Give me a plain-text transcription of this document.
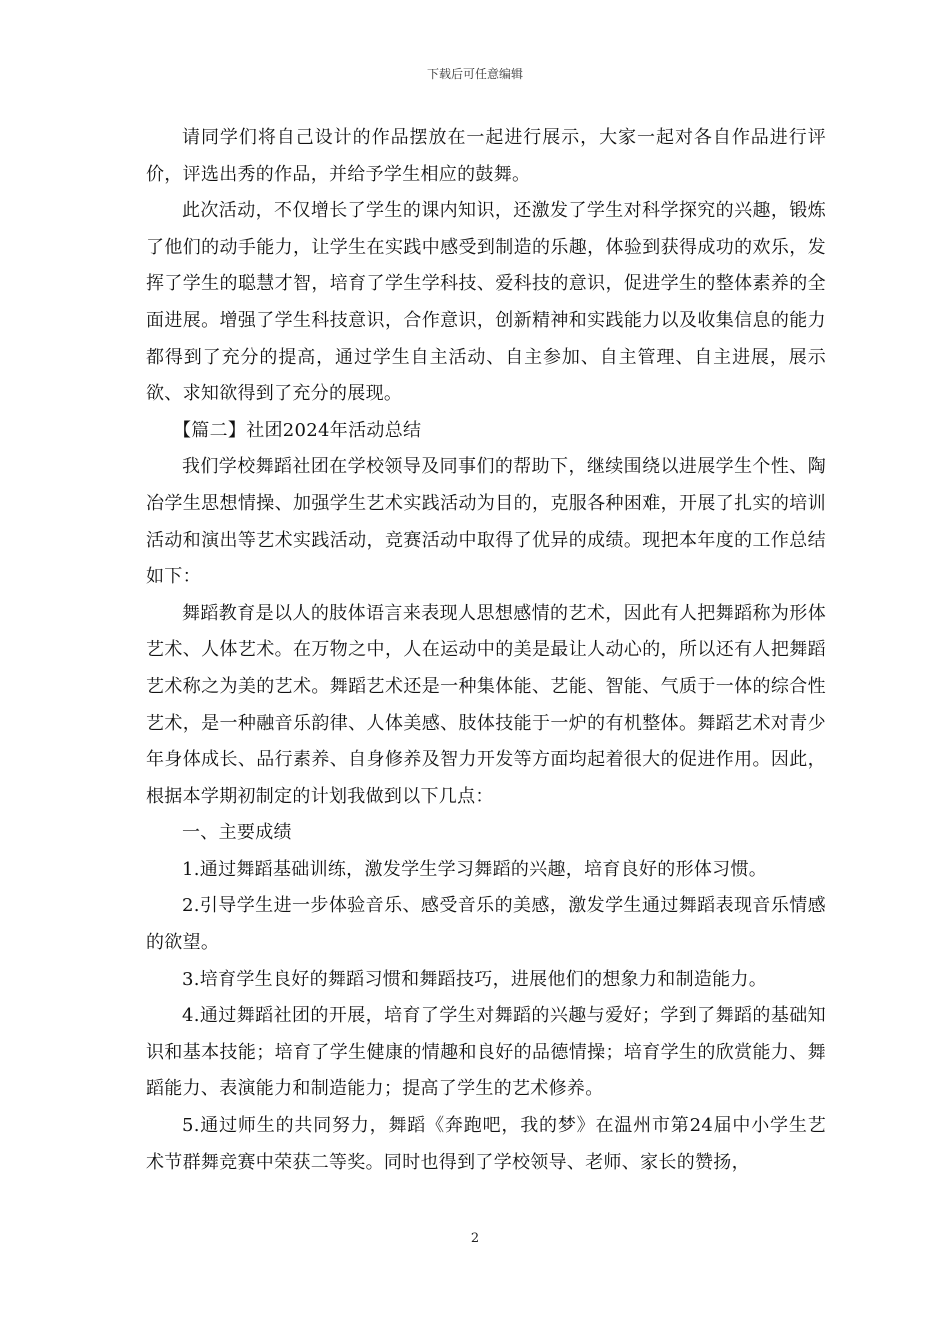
下载后可任意编辑

请同学们将自己设计的作品摆放在一起进行展示，大家一起对各自作品进行评价，评选出秀的作品，并给予学生相应的鼓舞。

此次活动，不仅增长了学生的课内知识，还激发了学生对科学探究的兴趣，锻炼了他们的动手能力，让学生在实践中感受到制造的乐趣，体验到获得成功的欢乐，发挥了学生的聪慧才智，培育了学生学科技、爱科技的意识，促进学生的整体素养的全面进展。增强了学生科技意识，合作意识，创新精神和实践能力以及收集信息的能力都得到了充分的提高，通过学生自主活动、自主参加、自主管理、自主进展，展示欲、求知欲得到了充分的展现。

【篇二】社团2024年活动总结

我们学校舞蹈社团在学校领导及同事们的帮助下，继续围绕以进展学生个性、陶冶学生思想情操、加强学生艺术实践活动为目的，克服各种困难，开展了扎实的培训活动和演出等艺术实践活动，竞赛活动中取得了优异的成绩。现把本年度的工作总结如下：

舞蹈教育是以人的肢体语言来表现人思想感情的艺术，因此有人把舞蹈称为形体艺术、人体艺术。在万物之中，人在运动中的美是最让人动心的，所以还有人把舞蹈艺术称之为美的艺术。舞蹈艺术还是一种集体能、艺能、智能、气质于一体的综合性艺术，是一种融音乐韵律、人体美感、肢体技能于一炉的有机整体。舞蹈艺术对青少年身体成长、品行素养、自身修养及智力开发等方面均起着很大的促进作用。因此，根据本学期初制定的计划我做到以下几点：

一、主要成绩

1.通过舞蹈基础训练，激发学生学习舞蹈的兴趣，培育良好的形体习惯。

2.引导学生进一步体验音乐、感受音乐的美感，激发学生通过舞蹈表现音乐情感的欲望。

3.培育学生良好的舞蹈习惯和舞蹈技巧，进展他们的想象力和制造能力。

4.通过舞蹈社团的开展，培育了学生对舞蹈的兴趣与爱好；学到了舞蹈的基础知识和基本技能；培育了学生健康的情趣和良好的品德情操；培育学生的欣赏能力、舞蹈能力、表演能力和制造能力；提高了学生的艺术修养。

5.通过师生的共同努力，舞蹈《奔跑吧，我的梦》在温州市第24届中小学生艺术节群舞竞赛中荣获二等奖。同时也得到了学校领导、老师、家长的赞扬，

2
